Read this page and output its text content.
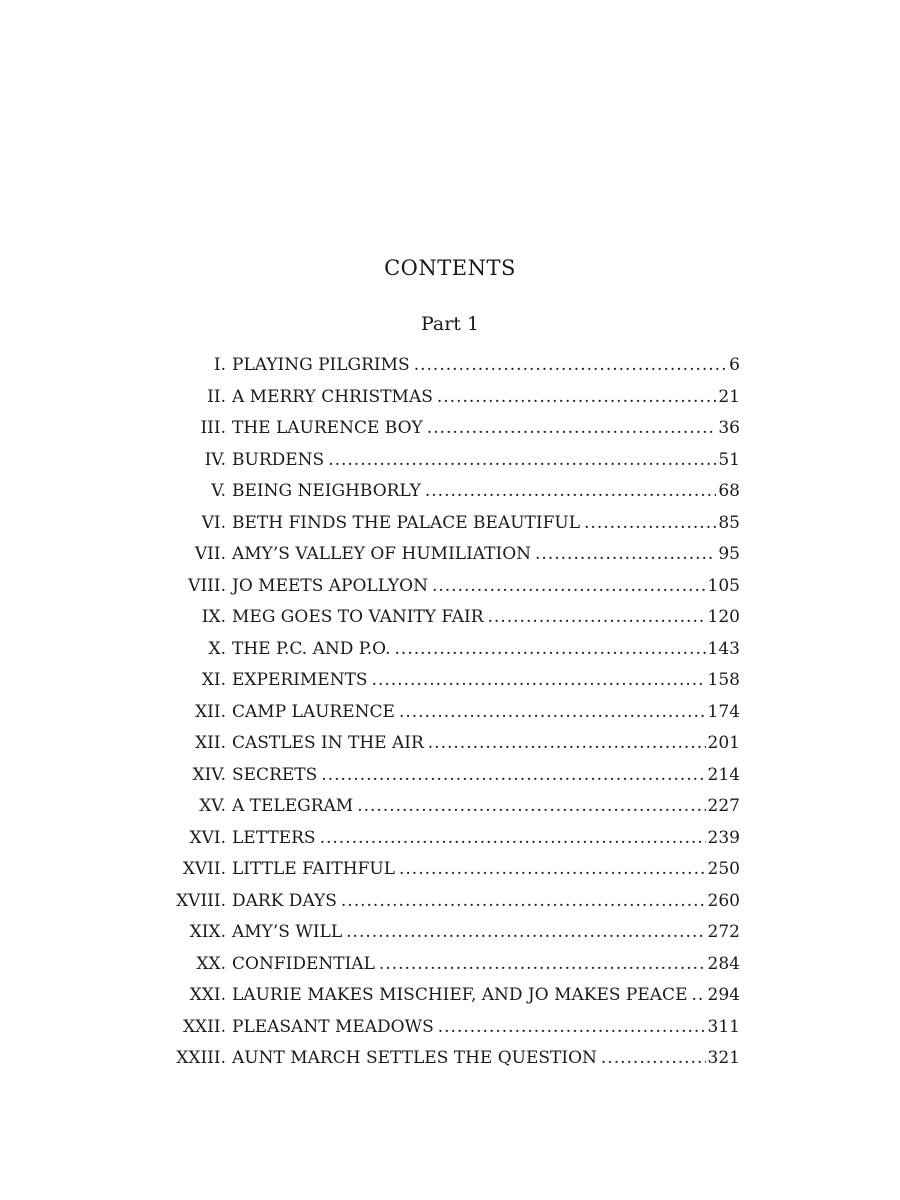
CONTENTS
Part 1
I. PLAYING PILGRIMS .....	6
II. A MERRY CHRISTMAS .....	21
III. THE LAURENCE BOY .....	36
IV. BURDENS .....	51
V. BEING NEIGHBORLY .....	68
VI. BETH FINDS THE PALACE BEAUTIFUL .....	85
VII. AMY’S VALLEY OF HUMILIATION .....	95
VIII. JO MEETS APOLLYON .....	105
IX. MEG GOES TO VANITY FAIR .....	120
X. THE P.C. AND P.O. .....	143
XI. EXPERIMENTS .....	158
XII. CAMP LAURENCE .....	174
XII. CASTLES IN THE AIR .....	201
XIV. SECRETS .....	214
XV. A TELEGRAM .....	227
XVI. LETTERS .....	239
XVII. LITTLE FAITHFUL .....	250
XVIII. DARK DAYS .....	260
XIX. AMY’S WILL .....	272
XX. CONFIDENTIAL .....	284
XXI. LAURIE MAKES MISCHIEF, AND JO MAKES PEACE ..... 294
XXII. PLEASANT MEADOWS .....	311
XXIII. AUNT MARCH SETTLES THE QUESTION .....	321
